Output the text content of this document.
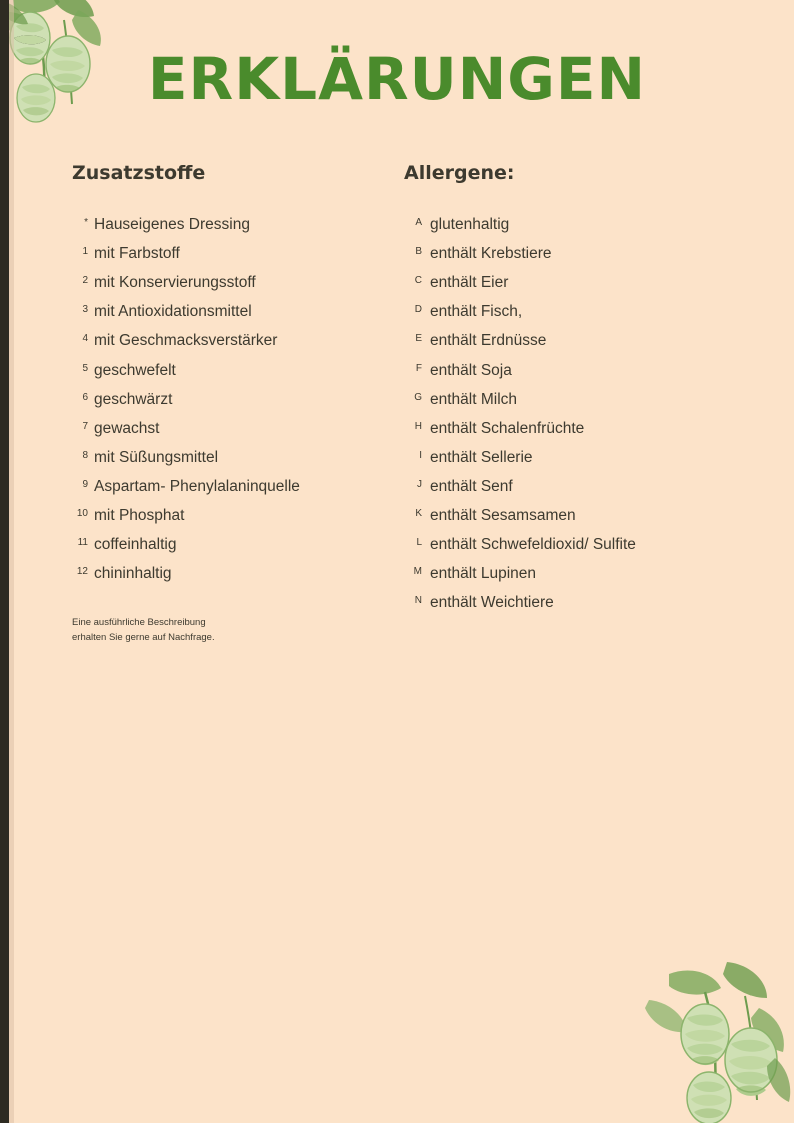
ERKLÄRUNGEN
Zusatzstoffe
* Hauseigenes Dressing
1 mit Farbstoff
2 mit Konservierungsstoff
3 mit Antioxidationsmittel
4 mit Geschmacksverstärker
5 geschwefelt
6 geschwärzt
7 gewachst
8 mit Süßungsmittel
9 Aspartam- Phenylalaninquelle
10 mit Phosphat
11 coffeinhaltig
12 chininhaltig
Eine ausführliche Beschreibung
erhalten Sie gerne auf Nachfrage.
Allergene:
A glutenhaltig
B enthält Krebstiere
C enthält Eier
D enthält Fisch,
E enthält Erdnüsse
F enthält Soja
G enthält Milch
H enthält Schalenfrüchte
I enthält Sellerie
J enthält Senf
K enthält Sesamsamen
L enthält Schwefeldioxid/ Sulfite
M enthält Lupinen
N enthält Weichtiere
